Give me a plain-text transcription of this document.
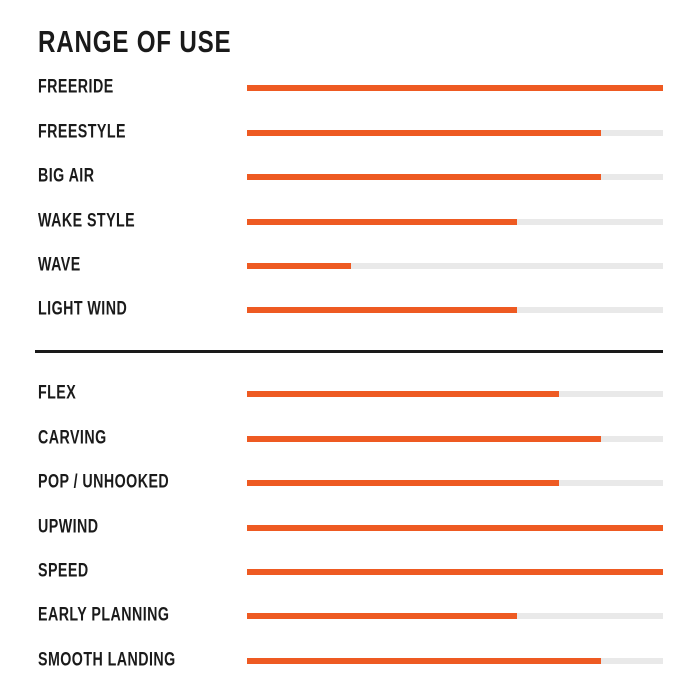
RANGE OF USE
FREERIDE
FREESTYLE
BIG AIR
WAKE STYLE
WAVE
LIGHT WIND
FLEX
CARVING
POP / UNHOOKED
UPWIND
SPEED
EARLY PLANNING
SMOOTH LANDING
